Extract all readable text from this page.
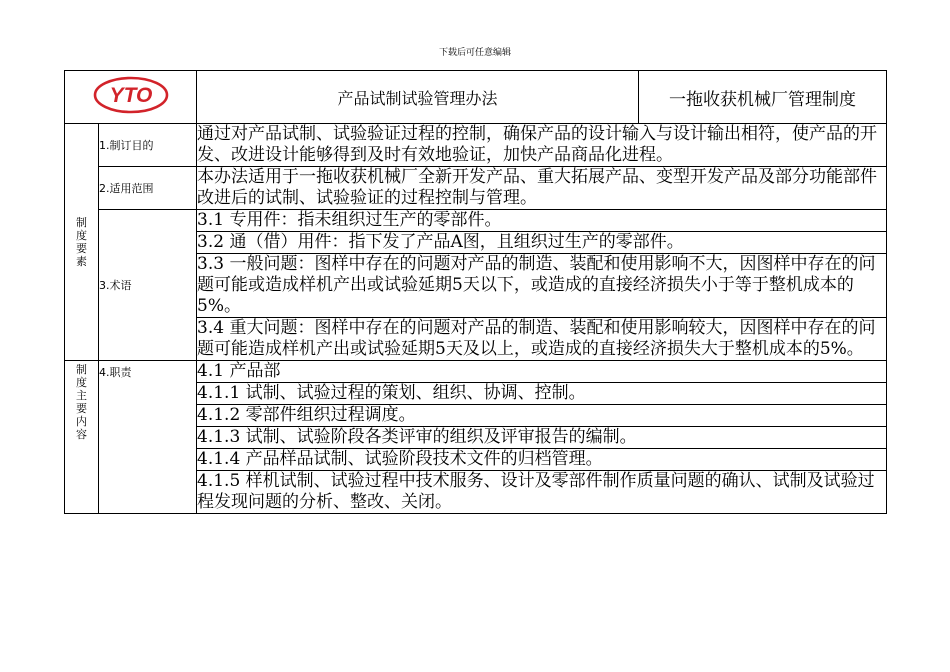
下载后可任意编辑
YTO		产品试制试验管理办法	一拖收获机械厂管理制度
制度要素	1.制订目的	通过对产品试制、试验验证过程的控制，确保产品的设计输入与设计输出相符，使产品的开发、改进设计能够得到及时有效地验证，加快产品商品化进程。	
	2.适用范围	本办法适用于一拖收获机械厂全新开发产品、重大拓展产品、变型开发产品及部分功能部件改进后的试制、试验验证的过程控制与管理。	
	3.术语	3.1 专用件：指未组织过生产的零部件。	
		3.2 通（借）用件：指下发了产品A图，且组织过生产的零部件。	
		3.3 一般问题：图样中存在的问题对产品的制造、装配和使用影响不大，因图样中存在的问题可能或造成样机产出或试验延期5天以下，或造成的直接经济损失小于等于整机成本的5%。	
		3.4 重大问题：图样中存在的问题对产品的制造、装配和使用影响较大，因图样中存在的问题可能造成样机产出或试验延期5天及以上，或造成的直接经济损失大于整机成本的5%。	
制度主要内容	4.职责	4.1 产品部	
		4.1.1 试制、试验过程的策划、组织、协调、控制。	
		4.1.2 零部件组织过程调度。	
		4.1.3 试制、试验阶段各类评审的组织及评审报告的编制。	
		4.1.4 产品样品试制、试验阶段技术文件的归档管理。	
		4.1.5 样机试制、试验过程中技术服务、设计及零部件制作质量问题的确认、试制及试验过程发现问题的分析、整改、关闭。	
